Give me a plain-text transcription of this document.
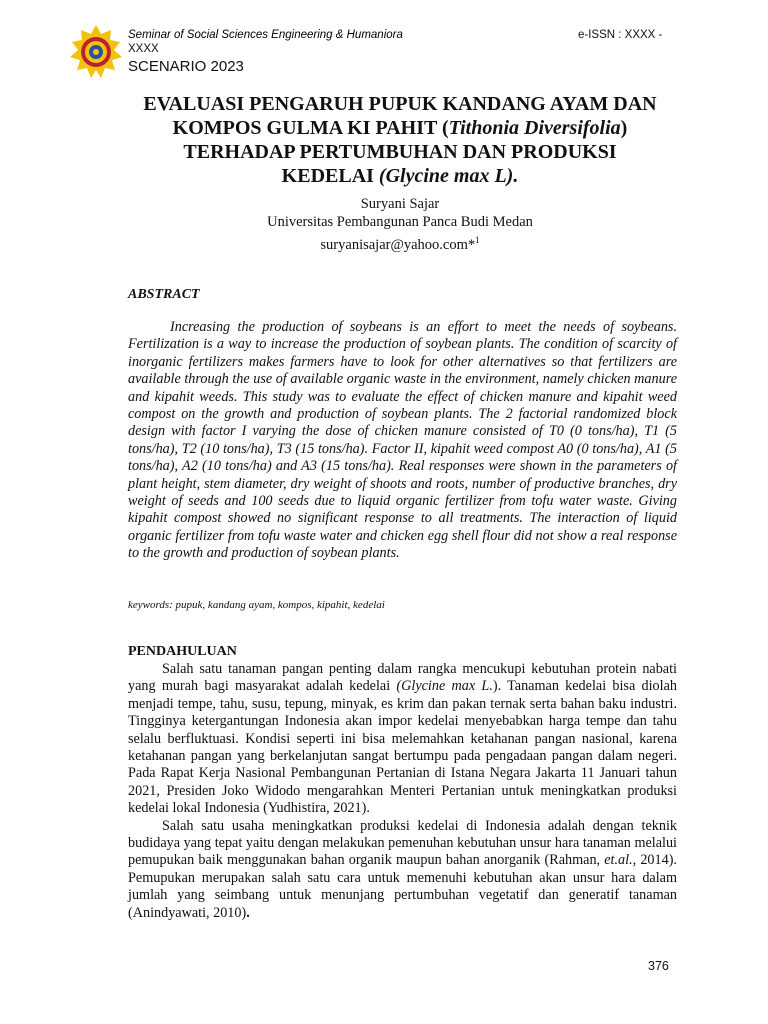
Seminar of Social Sciences Engineering & Humaniora	e-ISSN : XXXX -
XXXX
SCENARIO 2023
EVALUASI PENGARUH PUPUK KANDANG AYAM DAN
KOMPOS GULMA KI PAHIT (Tithonia Diversifolia)
TERHADAP PERTUMBUHAN DAN PRODUKSI
KEDELAI (Glycine max L).
Suryani Sajar
Universitas Pembangunan Panca Budi Medan
suryanisajar@yahoo.com*$^1$
ABSTRACT

Increasing the production of soybeans is an effort to meet the needs of soybeans. Fertilization is a way to increase the production of soybean plants. The condition of scarcity of inorganic fertilizers makes farmers have to look for other alternatives so that fertilizers are available through the use of available organic waste in the environment, namely chicken manure and kipahit weeds. This study was to evaluate the effect of chicken manure and kipahit weed compost on the growth and production of soybean plants. The 2 factorial randomized block design with factor I varying the dose of chicken manure consisted of T0 (0 tons/ha), T1 (5 tons/ha), T2 (10 tons/ha), T3 (15 tons/ha). Factor II, kipahit weed compost A0 (0 tons/ha), A1 (5 tons/ha), A2 (10 tons/ha) and A3 (15 tons/ha). Real responses were shown in the parameters of plant height, stem diameter, dry weight of shoots and roots, number of productive branches, dry weight of seeds and 100 seeds due to liquid organic fertilizer from tofu water waste. Giving kipahit compost showed no significant response to all treatments. The interaction of liquid organic fertilizer from tofu waste water and chicken egg shell flour did not show a real response to the growth and production of soybean plants.

keywords: pupuk, kandang ayam, kompos, kipahit, kedelai
PENDAHULUAN

Salah satu tanaman pangan penting dalam rangka mencukupi kebutuhan protein nabati yang murah bagi masyarakat adalah kedelai (Glycine max L.). Tanaman kedelai bisa diolah menjadi tempe, tahu, susu, tepung, minyak, es krim dan pakan ternak serta bahan baku industri. Tingginya ketergantungan Indonesia akan impor kedelai menyebabkan harga tempe dan tahu selalu berfluktuasi. Kondisi seperti ini bisa melemahkan ketahanan pangan nasional, karena ketahanan pangan yang berkelanjutan sangat bertumpu pada pengadaan pangan dalam negeri. Pada Rapat Kerja Nasional Pembangunan Pertanian di Istana Negara Jakarta 11 Januari tahun 2021, Presiden Joko Widodo mengarahkan Menteri Pertanian untuk meningkatkan produksi kedelai lokal Indonesia (Yudhistira, 2021).

Salah satu usaha meningkatkan produksi kedelai di Indonesia adalah dengan teknik budidaya yang tepat yaitu dengan melakukan pemenuhan kebutuhan unsur hara tanaman melalui pemupukan baik menggunakan bahan organik maupun bahan anorganik (Rahman, et.al., 2014). Pemupukan merupakan salah satu cara untuk memenuhi kebutuhan akan unsur hara dalam jumlah yang seimbang untuk menunjang pertumbuhan vegetatif dan generatif tanaman (Anindyawati, 2010).

376
